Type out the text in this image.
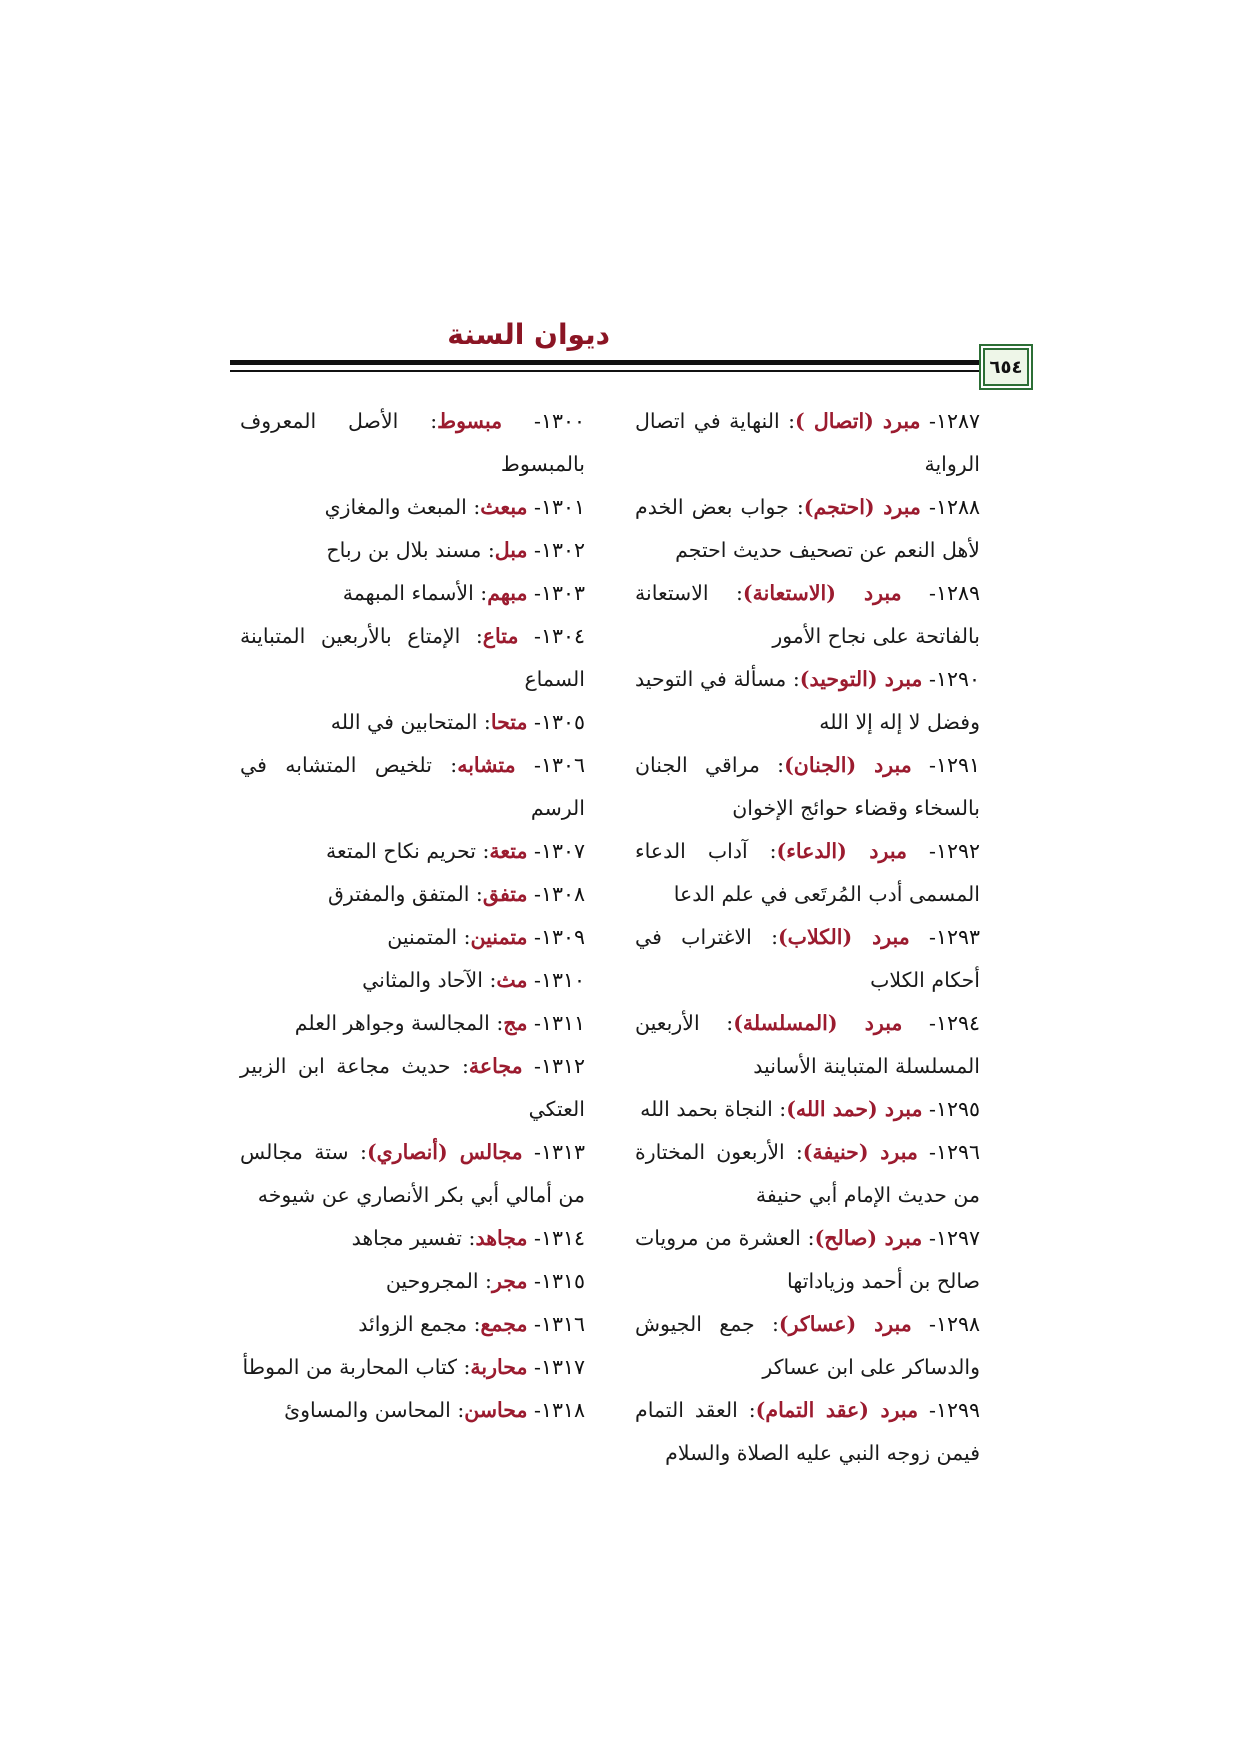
ديوان السنة
٦٥٤

١٢٨٧- مبرد (اتصال ): النهاية في اتصال الرواية

١٢٨٨- مبرد (احتجم): جواب بعض الخدم لأهل النعم عن تصحيف حديث احتجم

١٢٨٩- مبرد (الاستعانة): الاستعانة بالفاتحة على نجاح الأمور

١٢٩٠- مبرد (التوحيد): مسألة في التوحيد وفضل لا إله إلا الله

١٢٩١- مبرد (الجنان): مراقي الجنان بالسخاء وقضاء حوائج الإخوان

١٢٩٢- مبرد (الدعاء): آداب الدعاء المسمى أدب المُرتَعى في علم الدعا

١٢٩٣- مبرد (الكلاب): الاغتراب في أحكام الكلاب

١٢٩٤- مبرد (المسلسلة): الأربعين المسلسلة المتباينة الأسانيد

١٢٩٥- مبرد (حمد الله): النجاة بحمد الله

١٢٩٦- مبرد (حنيفة): الأربعون المختارة من حديث الإمام أبي حنيفة

١٢٩٧- مبرد (صالح): العشرة من مرويات صالح بن أحمد وزياداتها

١٢٩٨- مبرد (عساكر): جمع الجيوش والدساكر على ابن عساكر

١٢٩٩- مبرد (عقد التمام): العقد التمام فيمن زوجه النبي عليه الصلاة والسلام

١٣٠٠- مبسوط: الأصل المعروف بالمبسوط

١٣٠١- مبعث: المبعث والمغازي

١٣٠٢- مبل: مسند بلال بن رباح

١٣٠٣- مبهم: الأسماء المبهمة

١٣٠٤- متاع: الإمتاع بالأربعين المتباينة السماع

١٣٠٥- متحا: المتحابين في الله

١٣٠٦- متشابه: تلخيص المتشابه في الرسم

١٣٠٧- متعة: تحريم نكاح المتعة

١٣٠٨- متفق: المتفق والمفترق

١٣٠٩- متمنين: المتمنين

١٣١٠- مث: الآحاد والمثاني

١٣١١- مج: المجالسة وجواهر العلم

١٣١٢- مجاعة: حديث مجاعة ابن الزبير العتكي

١٣١٣- مجالس (أنصاري): ستة مجالس من أمالي أبي بكر الأنصاري عن شيوخه

١٣١٤- مجاهد: تفسير مجاهد

١٣١٥- مجر: المجروحين

١٣١٦- مجمع: مجمع الزوائد

١٣١٧- محاربة: كتاب المحاربة من الموطأ

١٣١٨- محاسن: المحاسن والمساوئ
